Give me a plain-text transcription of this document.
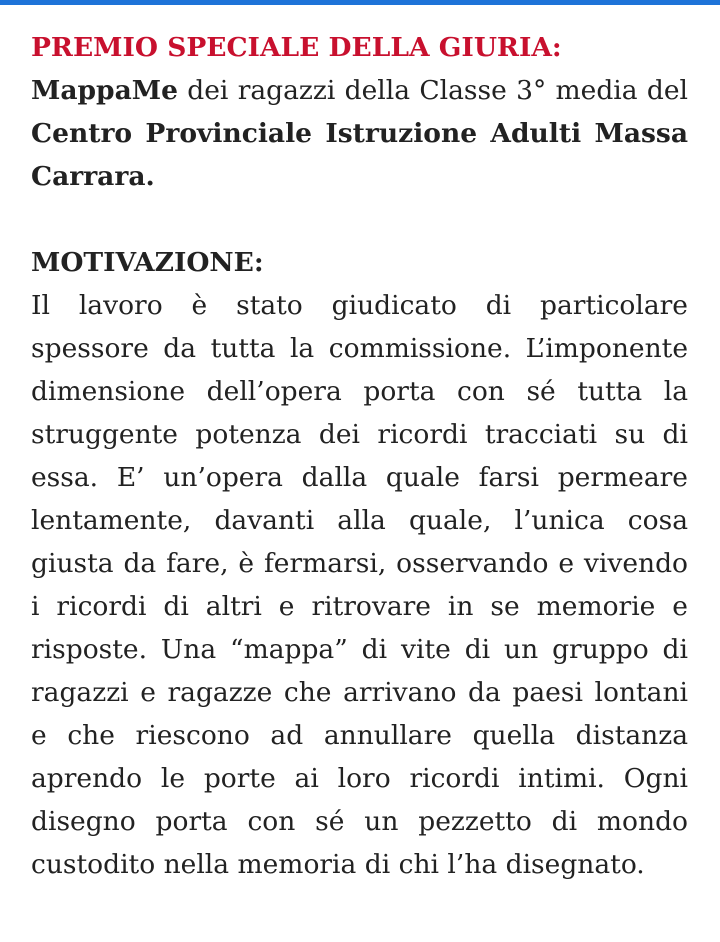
PREMIO SPECIALE DELLA GIURIA:
MappaMe dei ragazzi della Classe 3° media del Centro Provinciale Istruzione Adulti Massa Carrara.
MOTIVAZIONE:
Il lavoro è stato giudicato di particolare spessore da tutta la commissione. L’imponente dimensione dell’opera porta con sé tutta la struggente potenza dei ricordi tracciati su di essa. E’ un’opera dalla quale farsi permeare lentamente, davanti alla quale, l’unica cosa giusta da fare, è fermarsi, osservando e vivendo i ricordi di altri e ritrovare in se memorie e risposte. Una “mappa” di vite di un gruppo di ragazzi e ragazze che arrivano da paesi lontani e che riescono ad annullare quella distanza aprendo le porte ai loro ricordi intimi. Ogni disegno porta con sé un pezzetto di mondo custodito nella memoria di chi l’ha disegnato.
